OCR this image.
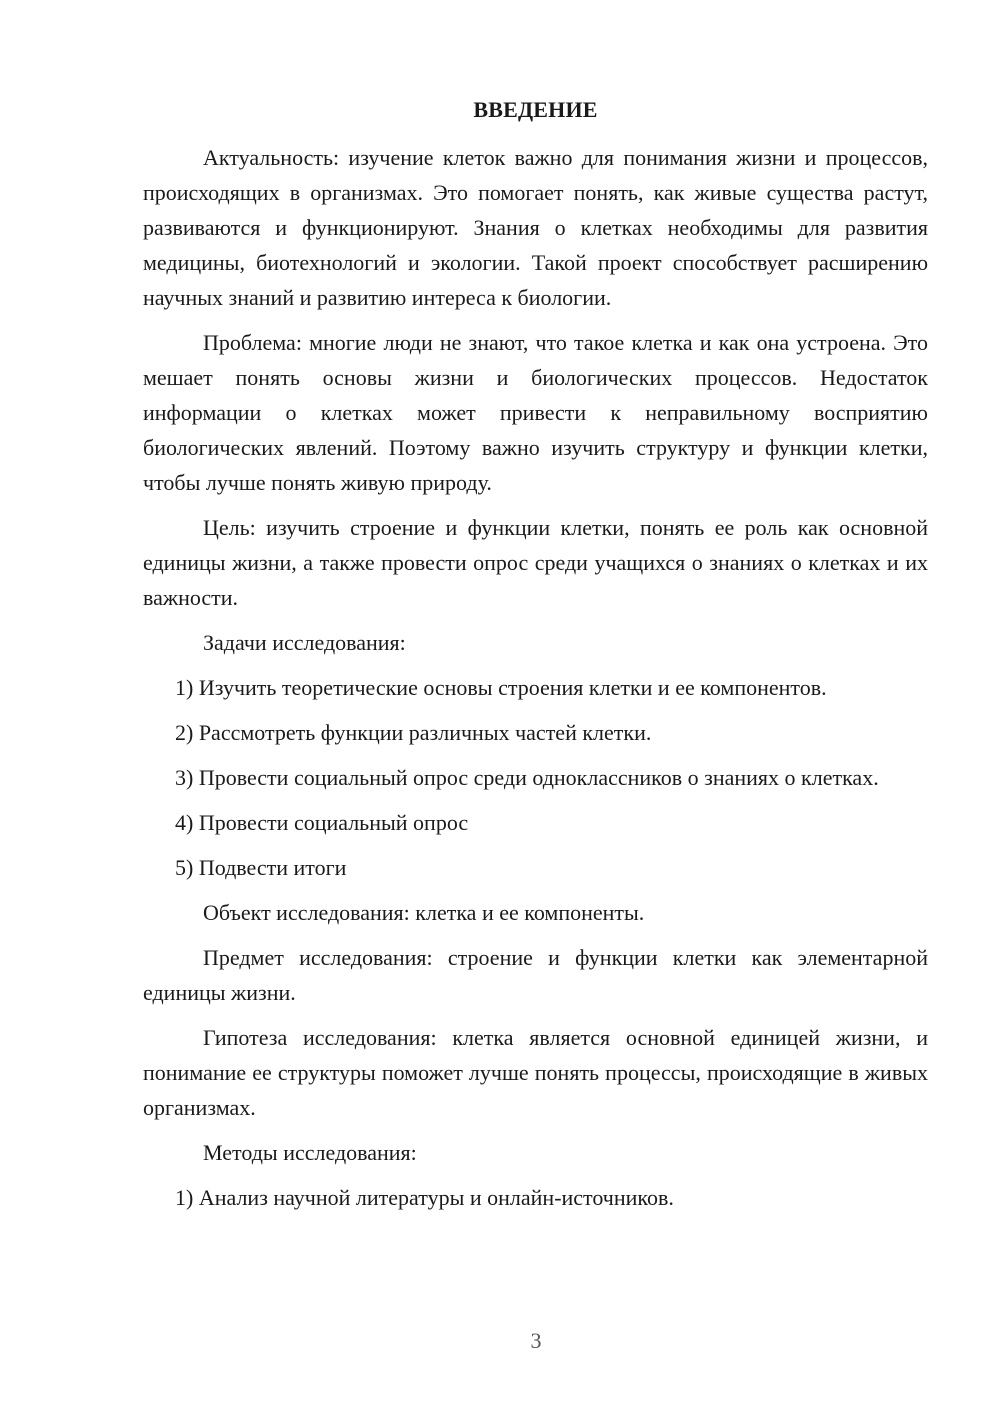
ВВЕДЕНИЕ

Актуальность: изучение клеток важно для понимания жизни и процессов, происходящих в организмах. Это помогает понять, как живые существа растут, развиваются и функционируют. Знания о клетках необходимы для развития медицины, биотехнологий и экологии. Такой проект способствует расширению научных знаний и развитию интереса к биологии.

Проблема: многие люди не знают, что такое клетка и как она устроена. Это мешает понять основы жизни и биологических процессов. Недостаток информации о клетках может привести к неправильному восприятию биологических явлений. Поэтому важно изучить структуру и функции клетки, чтобы лучше понять живую природу.

Цель: изучить строение и функции клетки, понять ее роль как основной единицы жизни, а также провести опрос среди учащихся о знаниях о клетках и их важности.

Задачи исследования:

1) Изучить теоретические основы строения клетки и ее компонентов.

2) Рассмотреть функции различных частей клетки.

3) Провести социальный опрос среди одноклассников о знаниях о клетках.

4) Провести социальный опрос

5) Подвести итоги

Объект исследования: клетка и ее компоненты.

Предмет исследования: строение и функции клетки как элементарной единицы жизни.

Гипотеза исследования: клетка является основной единицей жизни, и понимание ее структуры поможет лучше понять процессы, происходящие в живых организмах.

Методы исследования:

1) Анализ научной литературы и онлайн-источников.

3
